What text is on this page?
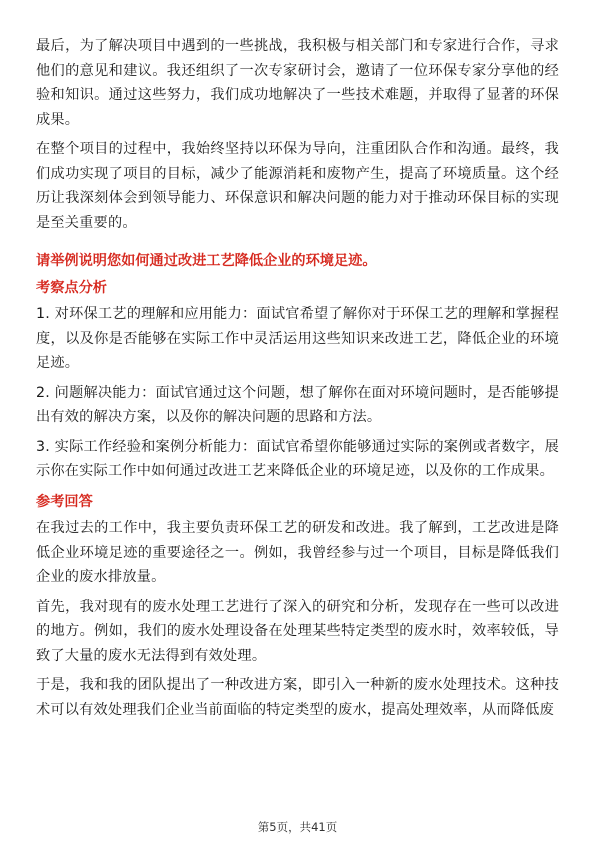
最后，为了解决项目中遇到的一些挑战，我积极与相关部门和专家进行合作，寻求他们的意见和建议。我还组织了一次专家研讨会，邀请了一位环保专家分享他的经验和知识。通过这些努力，我们成功地解决了一些技术难题，并取得了显著的环保成果。

在整个项目的过程中，我始终坚持以环保为导向，注重团队合作和沟通。最终，我们成功实现了项目的目标，减少了能源消耗和废物产生，提高了环境质量。这个经历让我深刻体会到领导能力、环保意识和解决问题的能力对于推动环保目标的实现是至关重要的。

请举例说明您如何通过改进工艺降低企业的环境足迹。
考察点分析

1. 对环保工艺的理解和应用能力：面试官希望了解你对于环保工艺的理解和掌握程度，以及你是否能够在实际工作中灵活运用这些知识来改进工艺，降低企业的环境足迹。

2. 问题解决能力：面试官通过这个问题，想了解你在面对环境问题时，是否能够提出有效的解决方案，以及你的解决问题的思路和方法。

3. 实际工作经验和案例分析能力：面试官希望你能够通过实际的案例或者数字，展示你在实际工作中如何通过改进工艺来降低企业的环境足迹，以及你的工作成果。

参考回答

在我过去的工作中，我主要负责环保工艺的研发和改进。我了解到，工艺改进是降低企业环境足迹的重要途径之一。例如，我曾经参与过一个项目，目标是降低我们企业的废水排放量。

首先，我对现有的废水处理工艺进行了深入的研究和分析，发现存在一些可以改进的地方。例如，我们的废水处理设备在处理某些特定类型的废水时，效率较低，导致了大量的废水无法得到有效处理。

于是，我和我的团队提出了一种改进方案，即引入一种新的废水处理技术。这种技术可以有效处理我们企业当前面临的特定类型的废水，提高处理效率，从而降低废

第5页，共41页
